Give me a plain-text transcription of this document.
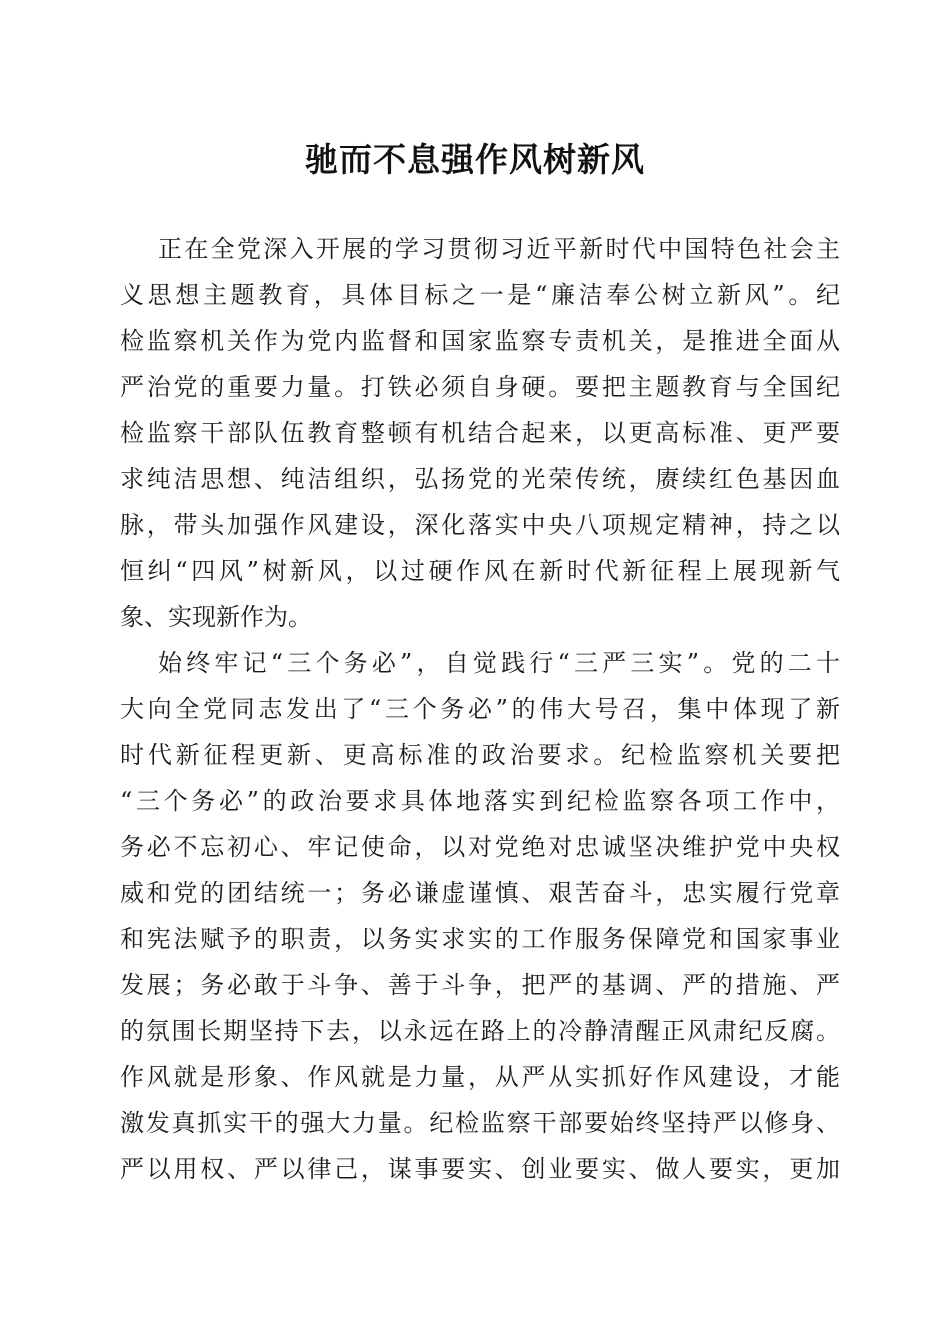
驰而不息强作风树新风
正在全党深入开展的学习贯彻习近平新时代中国特色社会主
义思想主题教育，具体目标之一是“廉洁奉公树立新风”。纪
检监察机关作为党内监督和国家监察专责机关，是推进全面从
严治党的重要力量。打铁必须自身硬。要把主题教育与全国纪
检监察干部队伍教育整顿有机结合起来，以更高标准、更严要
求纯洁思想、纯洁组织，弘扬党的光荣传统，赓续红色基因血
脉，带头加强作风建设，深化落实中央八项规定精神，持之以
恒纠“四风”树新风，以过硬作风在新时代新征程上展现新气
象、实现新作为。
始终牢记“三个务必”，自觉践行“三严三实”。党的二十
大向全党同志发出了“三个务必”的伟大号召，集中体现了新
时代新征程更新、更高标准的政治要求。纪检监察机关要把
“三个务必”的政治要求具体地落实到纪检监察各项工作中，
务必不忘初心、牢记使命，以对党绝对忠诚坚决维护党中央权
威和党的团结统一；务必谦虚谨慎、艰苦奋斗，忠实履行党章
和宪法赋予的职责，以务实求实的工作服务保障党和国家事业
发展；务必敢于斗争、善于斗争，把严的基调、严的措施、严
的氛围长期坚持下去，以永远在路上的冷静清醒正风肃纪反腐。
作风就是形象、作风就是力量，从严从实抓好作风建设，才能
激发真抓实干的强大力量。纪检监察干部要始终坚持严以修身、
严以用权、严以律己，谋事要实、创业要实、做人要实，更加
